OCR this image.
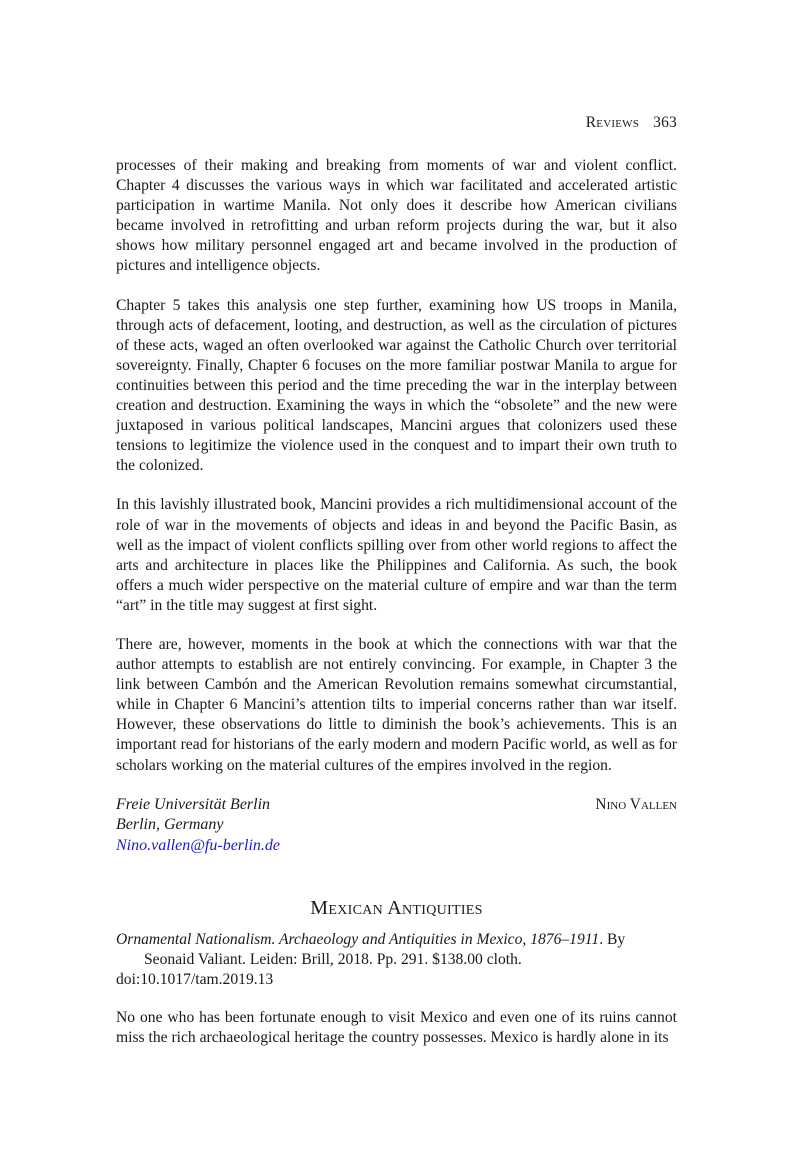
Reviews 363

processes of their making and breaking from moments of war and violent conflict. Chapter 4 discusses the various ways in which war facilitated and accelerated artistic participation in wartime Manila. Not only does it describe how American civilians became involved in retrofitting and urban reform projects during the war, but it also shows how military personnel engaged art and became involved in the production of pictures and intelligence objects.

Chapter 5 takes this analysis one step further, examining how US troops in Manila, through acts of defacement, looting, and destruction, as well as the circulation of pictures of these acts, waged an often overlooked war against the Catholic Church over territorial sovereignty. Finally, Chapter 6 focuses on the more familiar postwar Manila to argue for continuities between this period and the time preceding the war in the interplay between creation and destruction. Examining the ways in which the “obsolete” and the new were juxtaposed in various political landscapes, Mancini argues that colonizers used these tensions to legitimize the violence used in the conquest and to impart their own truth to the colonized.

In this lavishly illustrated book, Mancini provides a rich multidimensional account of the role of war in the movements of objects and ideas in and beyond the Pacific Basin, as well as the impact of violent conflicts spilling over from other world regions to affect the arts and architecture in places like the Philippines and California. As such, the book offers a much wider perspective on the material culture of empire and war than the term “art” in the title may suggest at first sight.

There are, however, moments in the book at which the connections with war that the author attempts to establish are not entirely convincing. For example, in Chapter 3 the link between Cambón and the American Revolution remains somewhat circumstantial, while in Chapter 6 Mancini’s attention tilts to imperial concerns rather than war itself. However, these observations do little to diminish the book’s achievements. This is an important read for historians of the early modern and modern Pacific world, as well as for scholars working on the material cultures of the empires involved in the region.

Freie Universität Berlin
Berlin, Germany
Nino.vallen@fu-berlin.de
Nino Vallen
Mexican Antiquities
Ornamental Nationalism. Archaeology and Antiquities in Mexico, 1876–1911. By Seonaid Valiant. Leiden: Brill, 2018. Pp. 291. $138.00 cloth.
doi:10.1017/tam.2019.13

No one who has been fortunate enough to visit Mexico and even one of its ruins cannot miss the rich archaeological heritage the country possesses. Mexico is hardly alone in its
